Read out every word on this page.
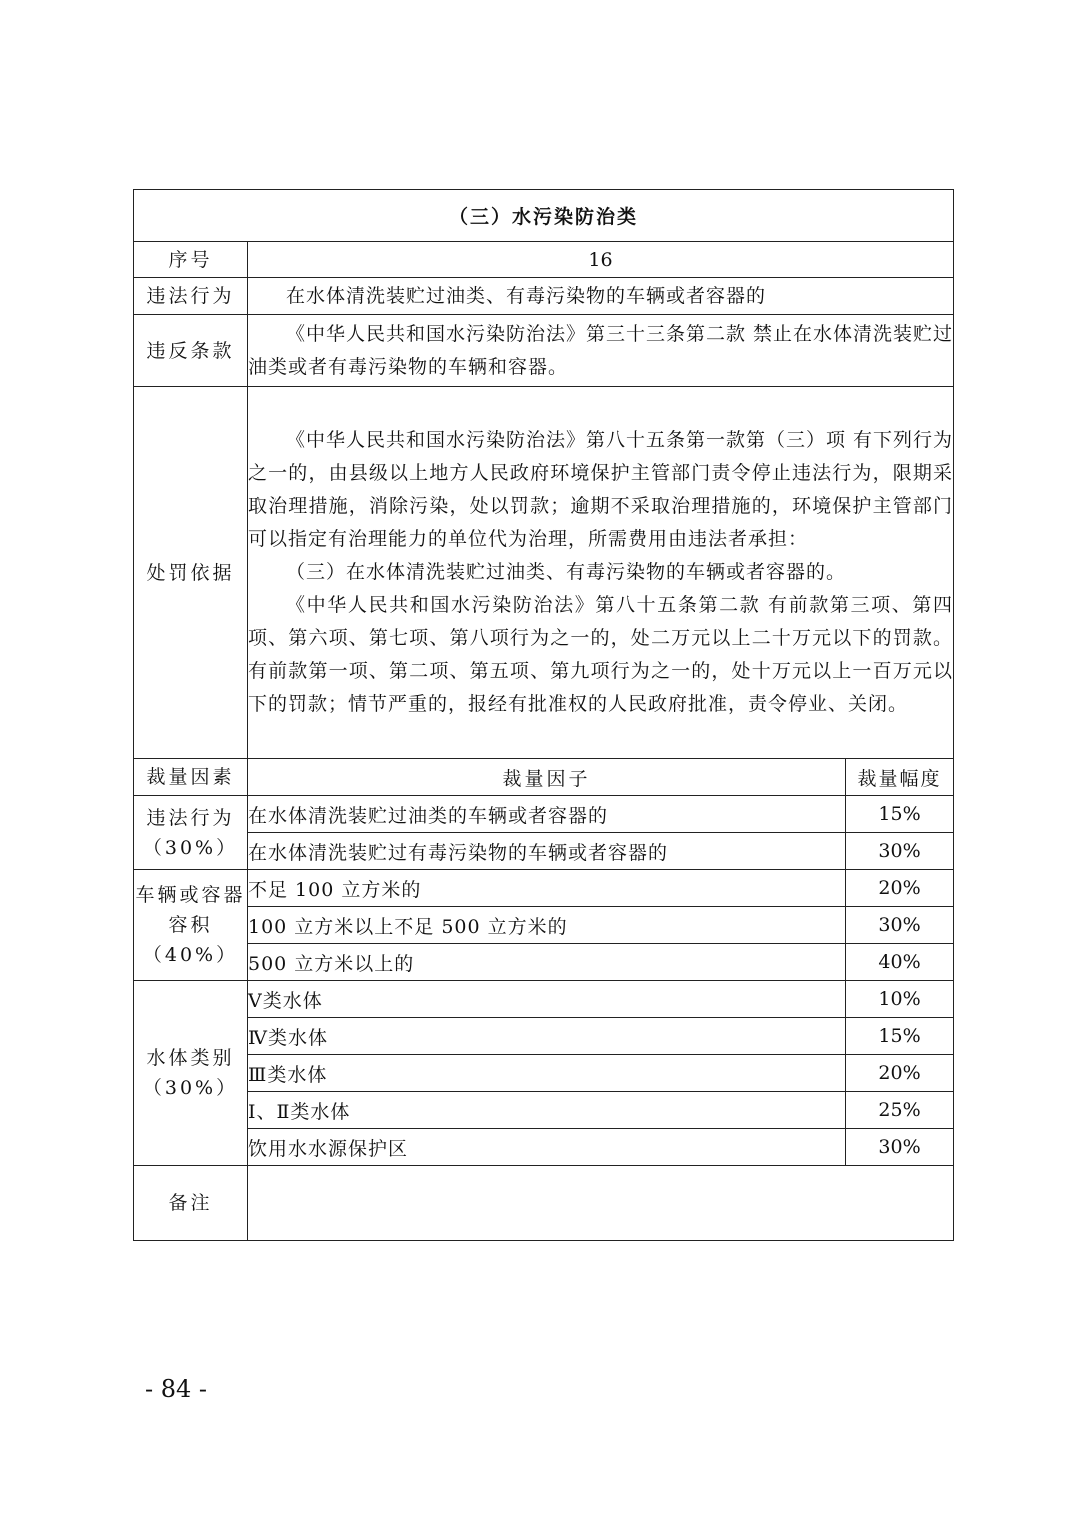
（三）水污染防治类		
序号	16	
违法行为	在水体清洗装贮过油类、有毒污染物的车辆或者容器的	

违反条款	《中华人民共和国水污染防治法》第三十三条第二款 禁止在水体清洗装贮过油类或者有毒污染物的车辆和容器。	

处罚依据	《中华人民共和国水污染防治法》第八十五条第一款第（三）项 有下列行为之一的，由县级以上地方人民政府环境保护主管部门责令停止违法行为，限期采取治理措施，消除污染，处以罚款；逾期不采取治理措施的，环境保护主管部门可以指定有治理能力的单位代为治理，所需费用由违法者承担：

（三）在水体清洗装贮过油类、有毒污染物的车辆或者容器的。

《中华人民共和国水污染防治法》第八十五条第二款 有前款第三项、第四项、第六项、第七项、第八项行为之一的，处二万元以上二十万元以下的罚款。有前款第一项、第二项、第五项、第九项行为之一的，处十万元以上一百万元以下的罚款；情节严重的，报经有批准权的人民政府批准，责令停业、关闭。	

裁量因素	裁量因子	裁量幅度
违法行为（30%）	在水体清洗装贮过油类的车辆或者容器的	15%
	在水体清洗装贮过有毒污染物的车辆或者容器的	30%
车辆或容器容积（40%）	不足 100 立方米的	20%
	100 立方米以上不足 500 立方米的	30%
	500 立方米以上的	40%
水体类别（30%）	Ⅴ类水体	10%
	Ⅳ类水体	15%
	Ⅲ类水体	20%
	Ⅰ、Ⅱ类水体	25%
	饮用水水源保护区	30%
备注		
- 84 -
